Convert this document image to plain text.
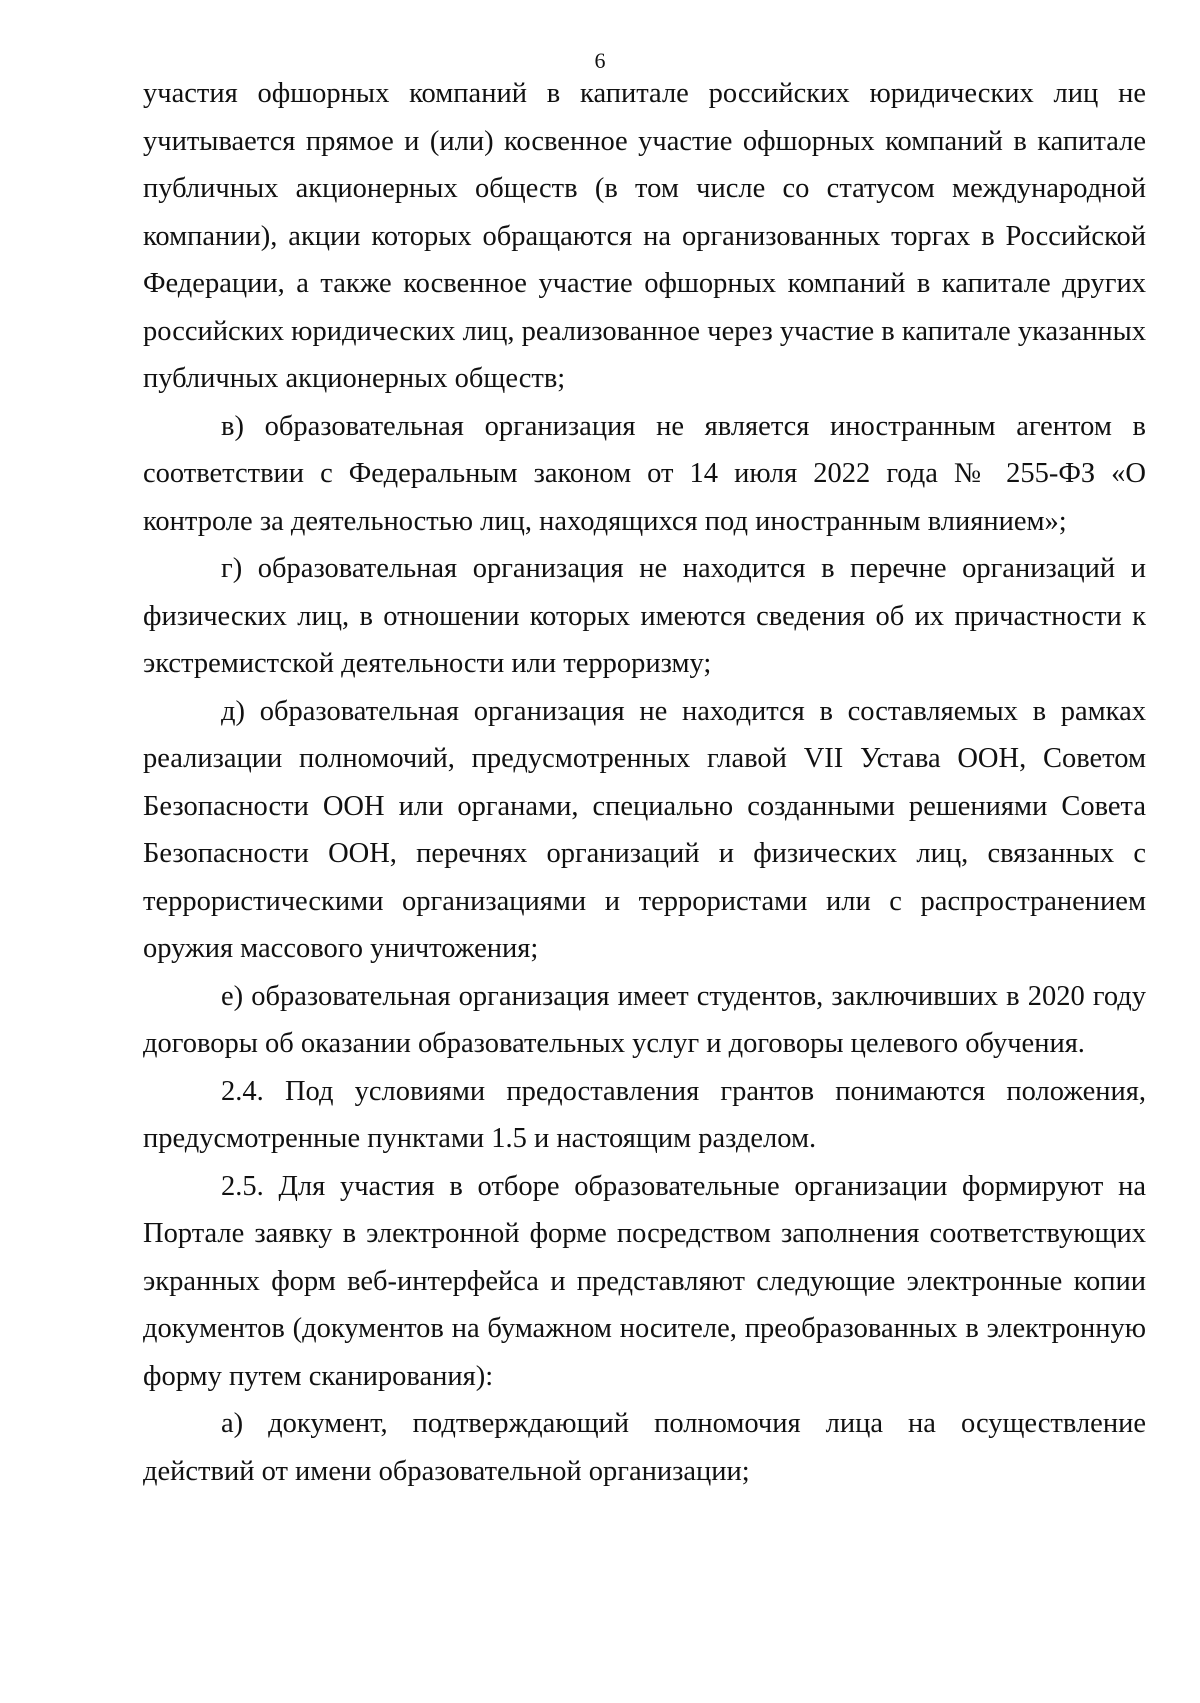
6

участия офшорных компаний в капитале российских юридических лиц не учитывается прямое и (или) косвенное участие офшорных компаний в капитале публичных акционерных обществ (в том числе со статусом международной компании), акции которых обращаются на организованных торгах в Российской Федерации, а также косвенное участие офшорных компаний в капитале других российских юридических лиц, реализованное через участие в капитале указанных публичных акционерных обществ;

в) образовательная организация не является иностранным агентом в соответствии с Федеральным законом от 14 июля 2022 года № 255-ФЗ «О контроле за деятельностью лиц, находящихся под иностранным влиянием»;

г) образовательная организация не находится в перечне организаций и физических лиц, в отношении которых имеются сведения об их причастности к экстремистской деятельности или терроризму;

д) образовательная организация не находится в составляемых в рамках реализации полномочий, предусмотренных главой VII Устава ООН, Советом Безопасности ООН или органами, специально созданными решениями Совета Безопасности ООН, перечнях организаций и физических лиц, связанных с террористическими организациями и террористами или с распространением оружия массового уничтожения;

е) образовательная организация имеет студентов, заключивших в 2020 году договоры об оказании образовательных услуг и договоры целевого обучения.

2.4. Под условиями предоставления грантов понимаются положения, предусмотренные пунктами 1.5 и настоящим разделом.

2.5. Для участия в отборе образовательные организации формируют на Портале заявку в электронной форме посредством заполнения соответствующих экранных форм веб-интерфейса и представляют следующие электронные копии документов (документов на бумажном носителе, преобразованных в электронную форму путем сканирования):

а) документ, подтверждающий полномочия лица на осуществление действий от имени образовательной организации;
